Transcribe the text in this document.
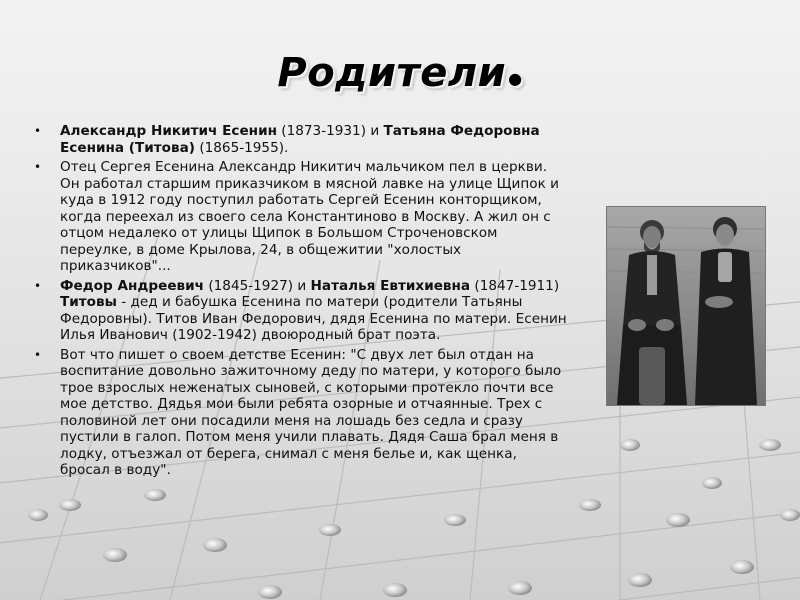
Родители ●
• Александр Никитич Есенин (1873-1931) и Татьяна Федоровна Есенина (Титова) (1865-1955).
• Отец Сергея Есенина Александр Никитич мальчиком пел в церкви. Он работал старшим приказчиком в мясной лавке на улице Щипок и куда в 1912 году поступил работать Сергей Есенин конторщиком, когда переехал из своего села Константиново в Москву. А жил он с отцом недалеко от улицы Щипок в Большом Строченовском переулке, в доме Крылова, 24, в общежитии "холостых приказчиков"...
• Федор Андреевич (1845-1927) и Наталья Евтихиевна (1847-1911) Титовы - дед и бабушка Есенина по матери (родители Татьяны Федоровны). Титов Иван Федорович, дядя Есенина по матери. Есенин Илья Иванович (1902-1942) двоюродный брат поэта.
• Вот что пишет о своем детстве Есенин: "С двух лет был отдан на воспитание довольно зажиточному деду по матери, у которого было трое взрослых неженатых сыновей, с которыми протекло почти все мое детство. Дядья мои были ребята озорные и отчаянные. Трех с половиной лет они посадили меня на лошадь без седла и сразу пустили в галоп. Потом меня учили плавать. Дядя Саша брал меня в лодку, отъезжал от берега, снимал с меня белье и, как щенка, бросал в воду".
